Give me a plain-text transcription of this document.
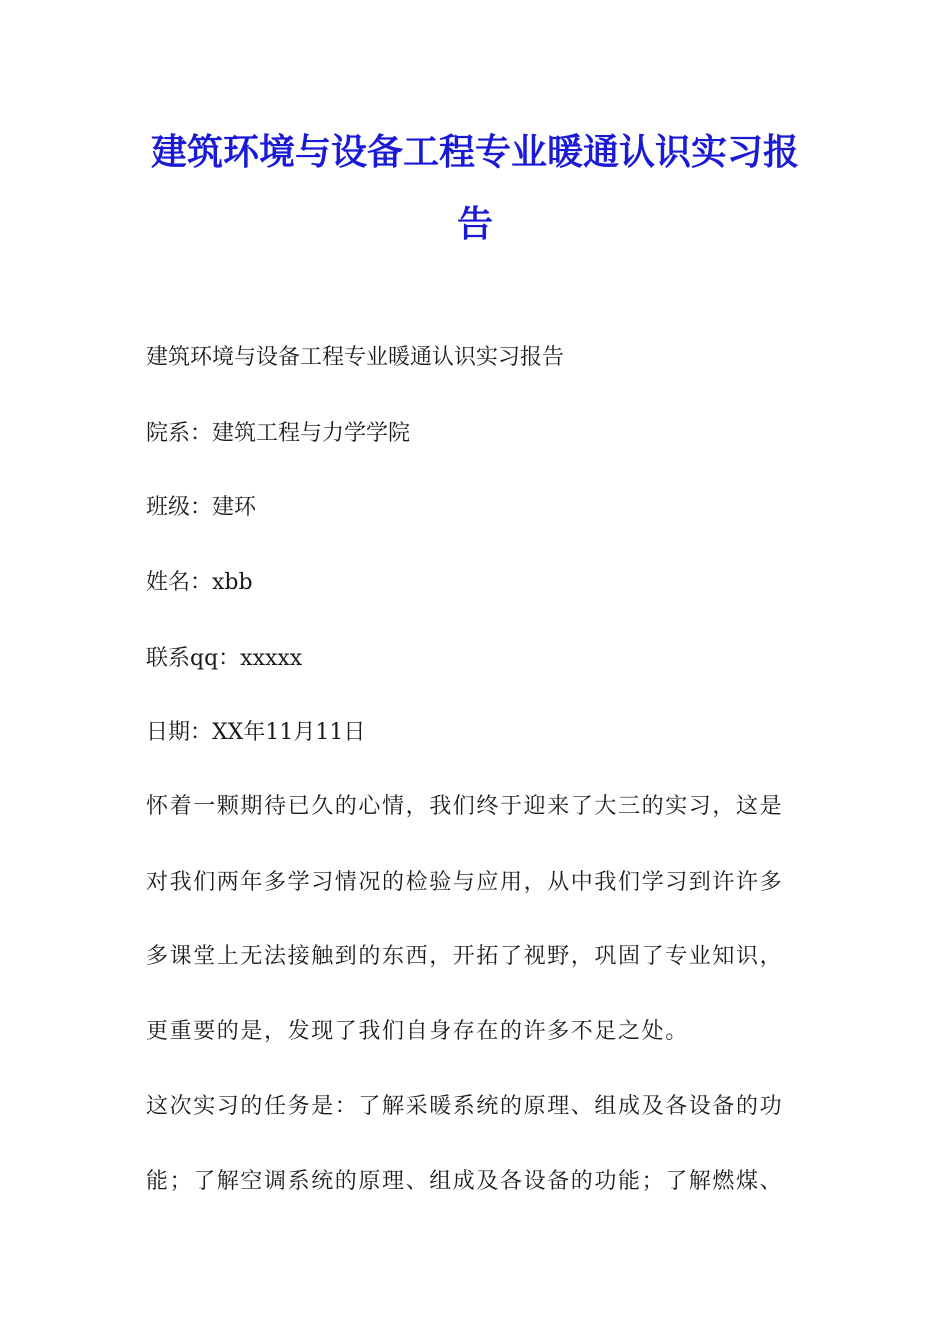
建筑环境与设备工程专业暖通认识实习报
告

建筑环境与设备工程专业暖通认识实习报告

院系：建筑工程与力学学院

班级：建环

姓名：xbb

联系qq：xxxxx

日期：XX年11月11日

怀着一颗期待已久的心情，我们终于迎来了大三的实习，这是

对我们两年多学习情况的检验与应用，从中我们学习到许许多

多课堂上无法接触到的东西，开拓了视野，巩固了专业知识，

更重要的是，发现了我们自身存在的许多不足之处。

这次实习的任务是：了解采暖系统的原理、组成及各设备的功

能；了解空调系统的原理、组成及各设备的功能；了解燃煤、
